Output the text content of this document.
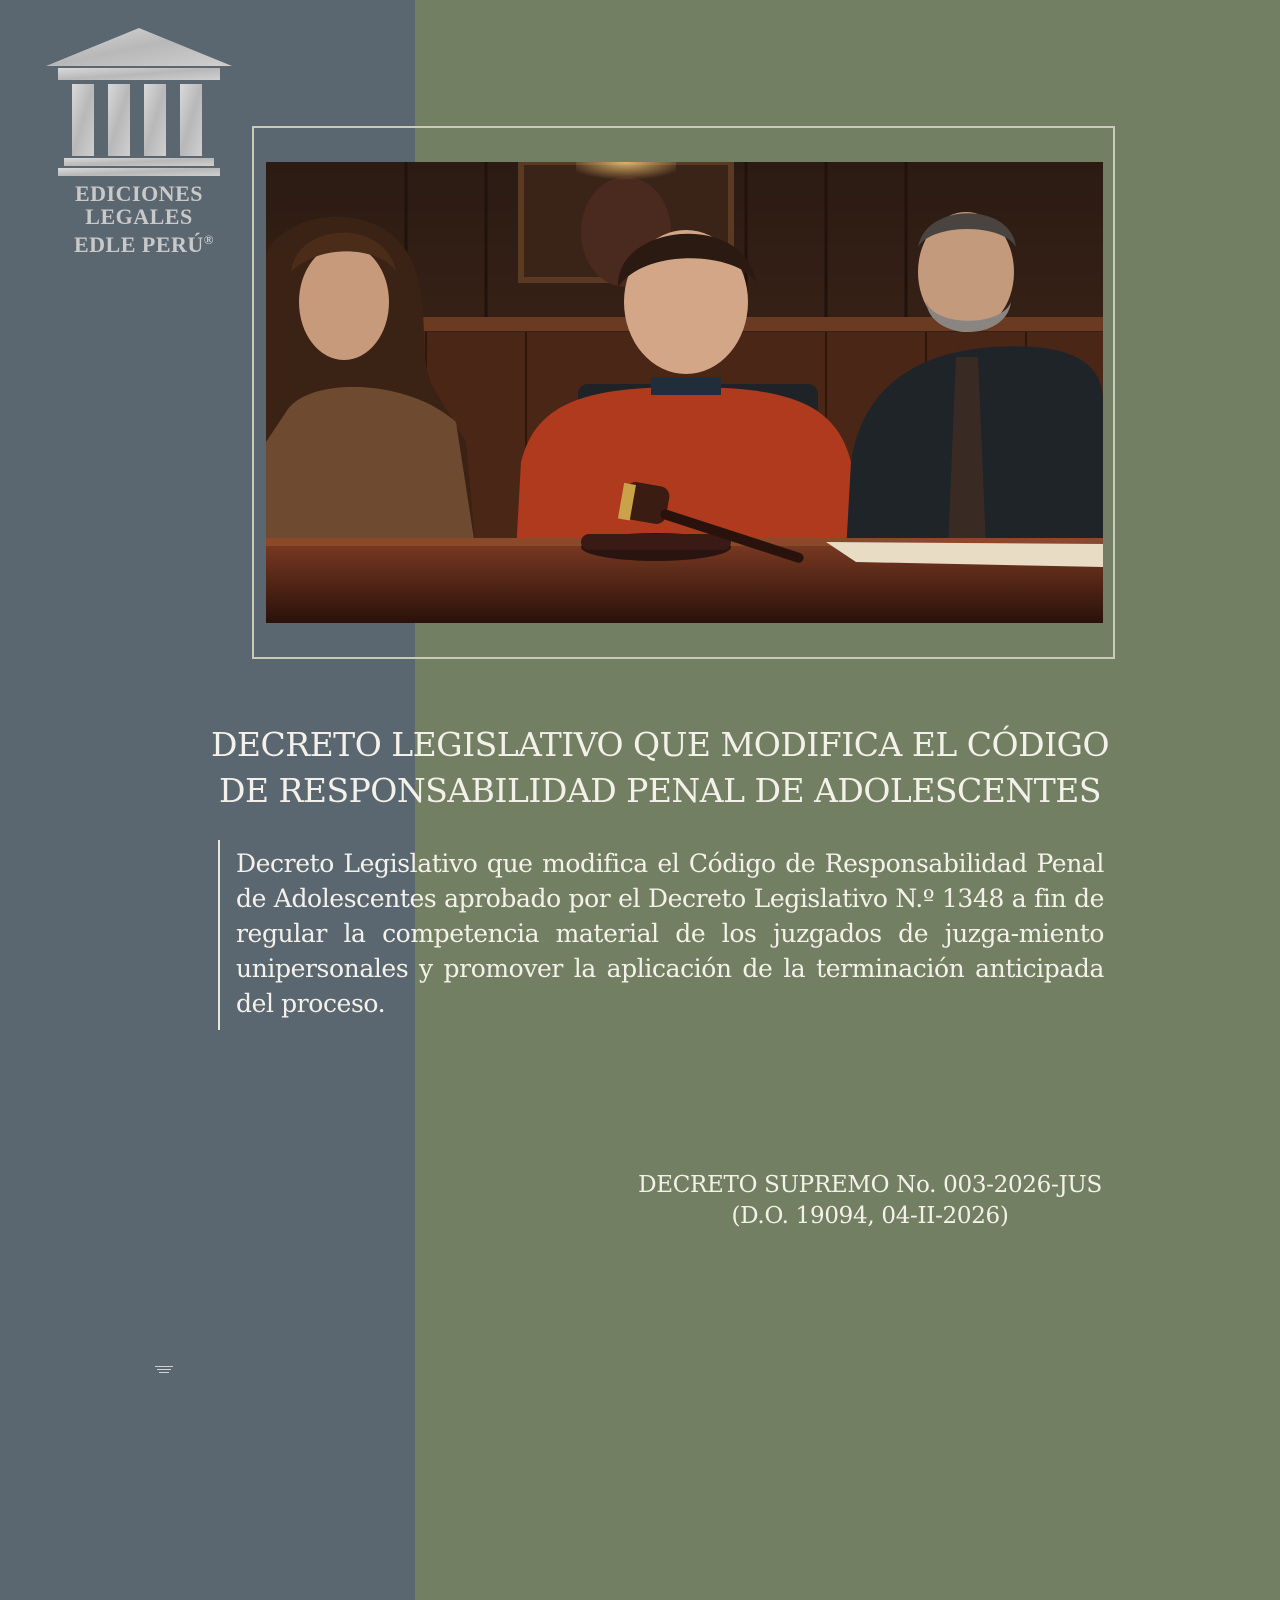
EDICIONES
LEGALES
EDLE PERÚ®
DECRETO LEGISLATIVO QUE MODIFICA EL CÓDIGO
DE RESPONSABILIDAD PENAL DE ADOLESCENTES
Decreto Legislativo que modifica el Código de Responsabilidad Penal de Adolescentes aprobado por el Decreto Legislativo N.º 1348 a fin de regular la competencia material de los juzgados de juzga-miento unipersonales y promover la aplicación de la terminación anticipada del proceso.
DECRETO SUPREMO No. 003-2026-JUS
(D.O. 19094, 04-II-2026)
